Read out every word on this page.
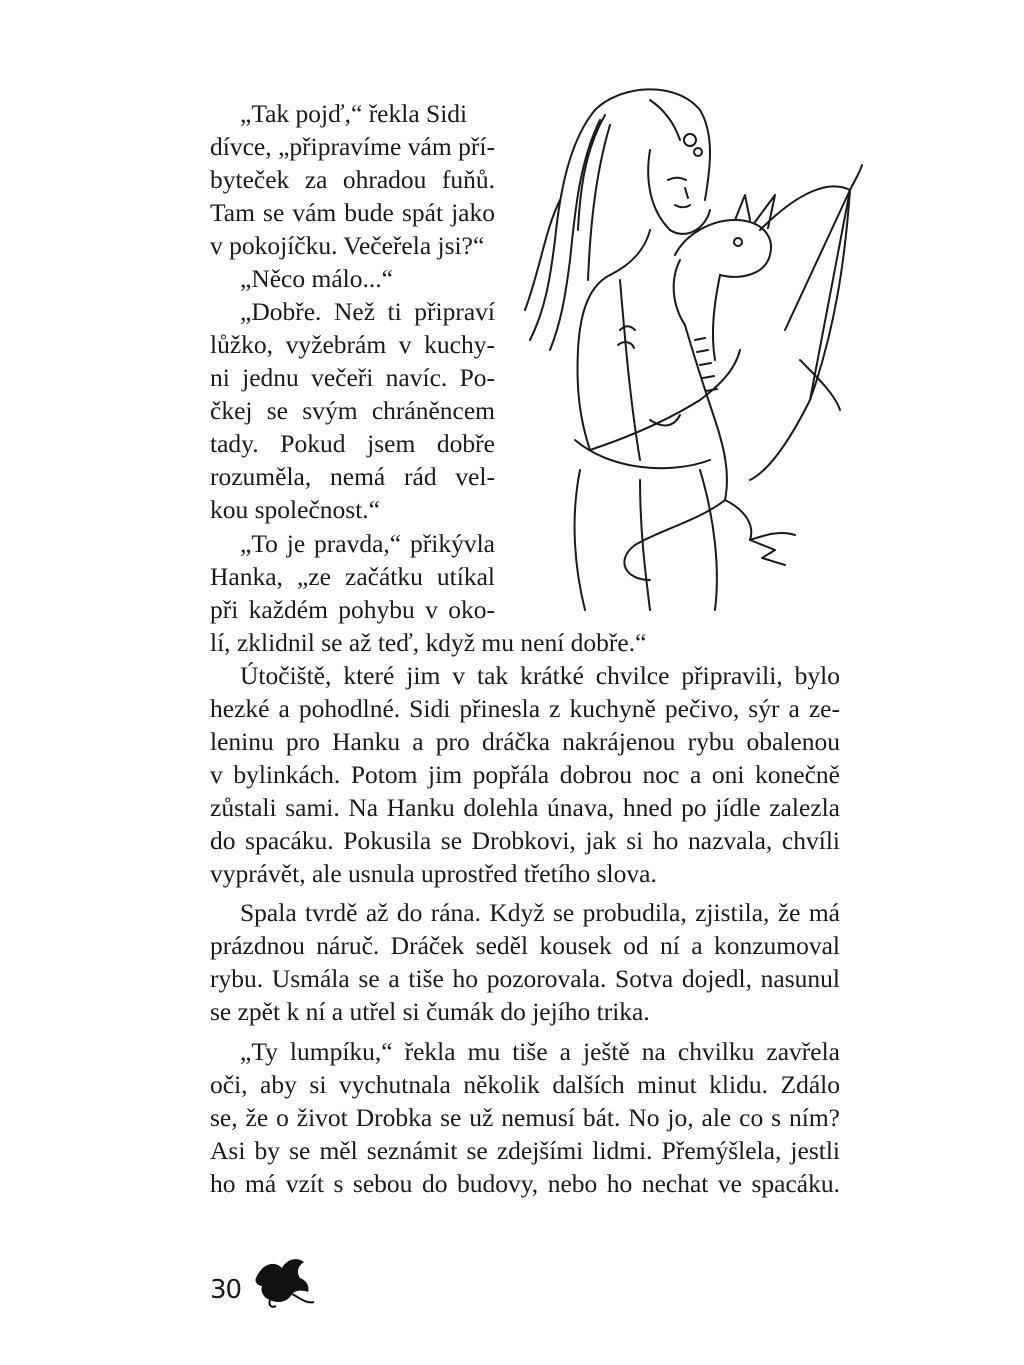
„Tak pojď,“ řekla Sidi
dívce, „připravíme vám pří-
byteček za ohradou fuňů.
Tam se vám bude spát jako
v pokojíčku. Večeřela jsi?“
„Něco málo...“
„Dobře. Než ti připraví
lůžko, vyžebrám v kuchy-
ni jednu večeři navíc. Po-
čkej se svým chráněncem
tady. Pokud jsem dobře
rozuměla, nemá rád vel-
kou společnost.“
„To je pravda,“ přikývla
Hanka, „ze začátku utíkal
při každém pohybu v oko-
lí, zklidnil se až teď, když mu není dobře.“
Útočiště, které jim v tak krátké chvilce připravili, bylo
hezké a pohodlné. Sidi přinesla z kuchyně pečivo, sýr a ze-
leninu pro Hanku a pro dráčka nakrájenou rybu obalenou
v bylinkách. Potom jim popřála dobrou noc a oni konečně
zůstali sami. Na Hanku dolehla únava, hned po jídle zalezla
do spacáku. Pokusila se Drobkovi, jak si ho nazvala, chvíli
vyprávět, ale usnula uprostřed třetího slova.
Spala tvrdě až do rána. Když se probudila, zjistila, že má
prázdnou náruč. Dráček seděl kousek od ní a konzumoval
rybu. Usmála se a tiše ho pozorovala. Sotva dojedl, nasunul
se zpět k ní a utřel si čumák do jejího trika.
„Ty lumpíku,“ řekla mu tiše a ještě na chvilku zavřela
oči, aby si vychutnala několik dalších minut klidu. Zdálo
se, že o život Drobka se už nemusí bát. No jo, ale co s ním?
Asi by se měl seznámit se zdejšími lidmi. Přemýšlela, jestli
ho má vzít s sebou do budovy, nebo ho nechat ve spacáku.
30
